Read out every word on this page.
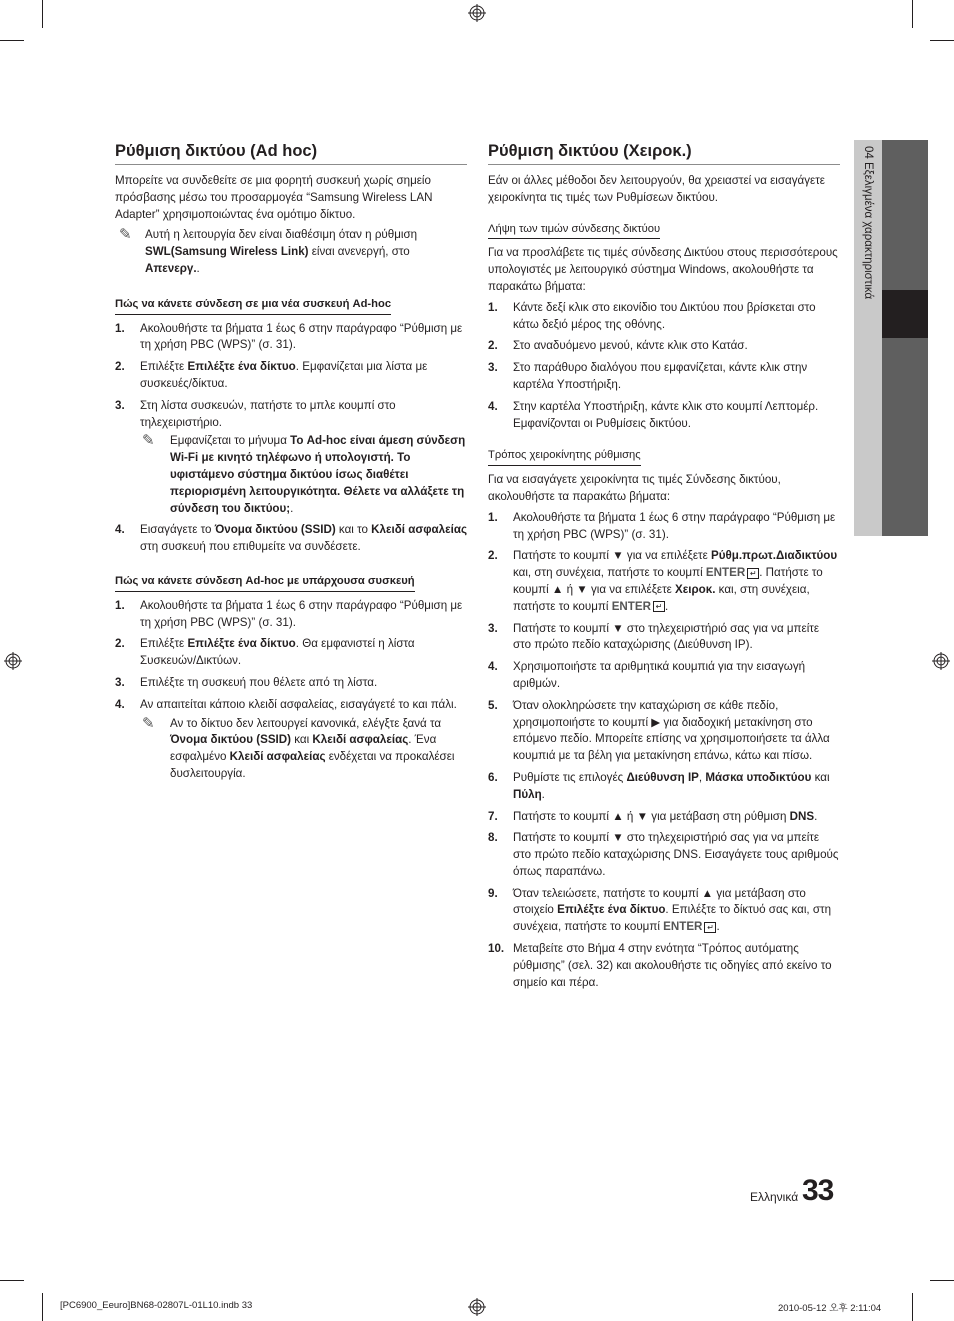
Ρύθμιση δικτύου (Ad hoc)

Μπορείτε να συνδεθείτε σε μια φορητή συσκευή χωρίς σημείο πρόσβασης μέσω του προσαρμογέα “Samsung Wireless LAN Adapter” χρησιμοποιώντας ένα ομότιμο δίκτυο.

✎ Αυτή η λειτουργία δεν είναι διαθέσιμη όταν η ρύθμιση SWL(Samsung Wireless Link) είναι ανενεργή, στο Απενεργ..
Πώς να κάνετε σύνδεση σε μια νέα συσκευή Ad-hoc
1. Ακολουθήστε τα βήματα 1 έως 6 στην παράγραφο “Ρύθμιση με τη χρήση PBC (WPS)” (σ. 31).
2. Επιλέξτε Επιλέξτε ένα δίκτυο. Εμφανίζεται μια λίστα με συσκευές/δίκτυα.
3. Στη λίστα συσκευών, πατήστε το μπλε κουμπί στο τηλεχειριστήριο.
✎ Εμφανίζεται το μήνυμα Το Ad-hoc είναι άμεση σύνδεση Wi-Fi με κινητό τηλέφωνο ή υπολογιστή. Το υφιστάμενο σύστημα δικτύου ίσως διαθέτει περιορισμένη λειτουργικότητα. Θέλετε να αλλάξετε τη σύνδεση του δικτύου;.
4. Εισαγάγετε το Όνομα δικτύου (SSID) και το Κλειδί ασφαλείας στη συσκευή που επιθυμείτε να συνδέσετε.
Πώς να κάνετε σύνδεση Ad-hoc με υπάρχουσα συσκευή
1. Ακολουθήστε τα βήματα 1 έως 6 στην παράγραφο “Ρύθμιση με τη χρήση PBC (WPS)” (σ. 31).
2. Επιλέξτε Επιλέξτε ένα δίκτυο. Θα εμφανιστεί η λίστα Συσκευών/Δικτύων.
3. Επιλέξτε τη συσκευή που θέλετε από τη λίστα.
4. Αν απαιτείται κάποιο κλειδί ασφαλείας, εισαγάγετέ το και πάλι.
✎ Αν το δίκτυο δεν λειτουργεί κανονικά, ελέγξτε ξανά τα Όνομα δικτύου (SSID) και Κλειδί ασφαλείας. Ένα εσφαλμένο Κλειδί ασφαλείας ενδέχεται να προκαλέσει δυσλειτουργία.
Ρύθμιση δικτύου (Χειροκ.)

Εάν οι άλλες μέθοδοι δεν λειτουργούν, θα χρειαστεί να εισαγάγετε χειροκίνητα τις τιμές των Ρυθμίσεων δικτύου.

Λήψη των τιμών σύνδεσης δικτύου

Για να προσλάβετε τις τιμές σύνδεσης Δικτύου στους περισσότερους υπολογιστές με λειτουργικό σύστημα Windows, ακολουθήστε τα παρακάτω βήματα:

1. Κάντε δεξί κλικ στο εικονίδιο του Δικτύου που βρίσκεται στο κάτω δεξιό μέρος της οθόνης.
2. Στο αναδυόμενο μενού, κάντε κλικ στο Κατάσ.
3. Στο παράθυρο διαλόγου που εμφανίζεται, κάντε κλικ στην καρτέλα Υποστήριξη.
4. Στην καρτέλα Υποστήριξη, κάντε κλικ στο κουμπί Λεπτομέρ. Εμφανίζονται οι Ρυθμίσεις δικτύου.
Τρόπος χειροκίνητης ρύθμισης

Για να εισαγάγετε χειροκίνητα τις τιμές Σύνδεσης δικτύου, ακολουθήστε τα παρακάτω βήματα:

1. Ακολουθήστε τα βήματα 1 έως 6 στην παράγραφο “Ρύθμιση με τη χρήση PBC (WPS)” (σ. 31).
2. Πατήστε το κουμπί ▼ για να επιλέξετε Ρύθμ.πρωτ.Διαδικτύου και, στη συνέχεια, πατήστε το κουμπί ENTER ↵ . Πατήστε το κουμπί ▲ ή ▼ για να επιλέξετε Χειροκ. και, στη συνέχεια, πατήστε το κουμπί ENTER ↵ .
3. Πατήστε το κουμπί ▼ στο τηλεχειριστήριό σας για να μπείτε στο πρώτο πεδίο καταχώρισης (Διεύθυνση IP).
4. Χρησιμοποιήστε τα αριθμητικά κουμπιά για την εισαγωγή αριθμών.
5. Όταν ολοκληρώσετε την καταχώριση σε κάθε πεδίο, χρησιμοποιήστε το κουμπί ▶ για διαδοχική μετακίνηση στο επόμενο πεδίο. Μπορείτε επίσης να χρησιμοποιήσετε τα άλλα κουμπιά με τα βέλη για μετακίνηση επάνω, κάτω και πίσω.
6. Ρυθμίστε τις επιλογές Διεύθυνση IP, Μάσκα υποδικτύου και Πύλη.
7. Πατήστε το κουμπί ▲ ή ▼ για μετάβαση στη ρύθμιση DNS.
8. Πατήστε το κουμπί ▼ στο τηλεχειριστήριό σας για να μπείτε στο πρώτο πεδίο καταχώρισης DNS. Εισαγάγετε τους αριθμούς όπως παραπάνω.
9. Όταν τελειώσετε, πατήστε το κουμπί ▲ για μετάβαση στο στοιχείο Επιλέξτε ένα δίκτυο. Επιλέξτε το δίκτυό σας και, στη συνέχεια, πατήστε το κουμπί ENTER ↵ .
10. Μεταβείτε στο Βήμα 4 στην ενότητα “Τρόπος αυτόματης ρύθμισης” (σελ. 32) και ακολουθήστε τις οδηγίες από εκείνο το σημείο και πέρα.
04 Εξελιγμένα χαρακτηριστικά
Ελληνικά 33
[PC6900_Eeuro]BN68-02807L-01L10.indb 33	2010-05-12 오후 2:11:04
